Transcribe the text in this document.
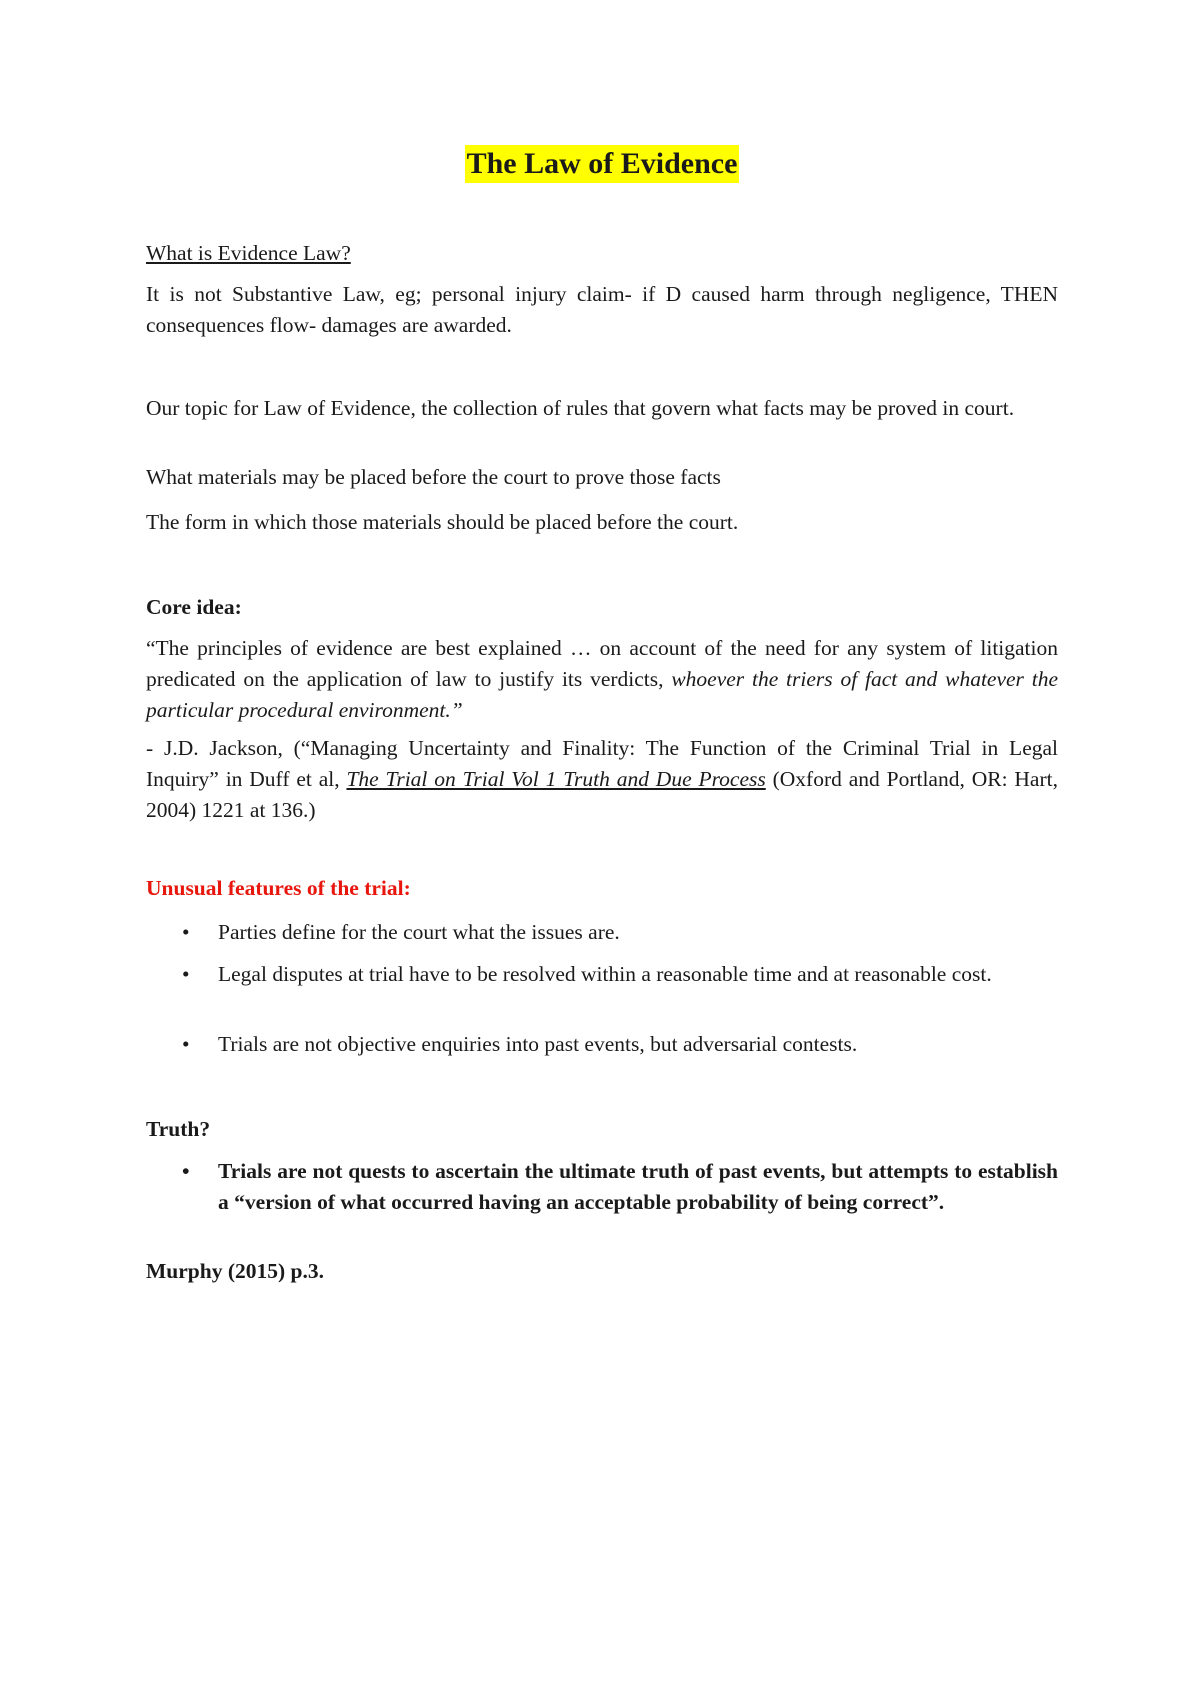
The Law of Evidence

What is Evidence Law?

It is not Substantive Law, eg; personal injury claim- if D caused harm through negligence, THEN consequences flow- damages are awarded.

Our topic for Law of Evidence, the collection of rules that govern what facts may be proved in court.

What materials may be placed before the court to prove those facts

The form in which those materials should be placed before the court.

Core idea:

“The principles of evidence are best explained … on account of the need for any system of litigation predicated on the application of law to justify its verdicts, whoever the triers of fact and whatever the particular procedural environment.”

- J.D. Jackson, (“Managing Uncertainty and Finality: The Function of the Criminal Trial in Legal Inquiry” in Duff et al, The Trial on Trial Vol 1 Truth and Due Process (Oxford and Portland, OR: Hart, 2004) 1221 at 136.)

Unusual features of the trial:

• Parties define for the court what the issues are.
• Legal disputes at trial have to be resolved within a reasonable time and at reasonable cost.
• Trials are not objective enquiries into past events, but adversarial contests.

Truth?

• Trials are not quests to ascertain the ultimate truth of past events, but attempts to establish a “version of what occurred having an acceptable probability of being correct”.

Murphy (2015) p.3.
